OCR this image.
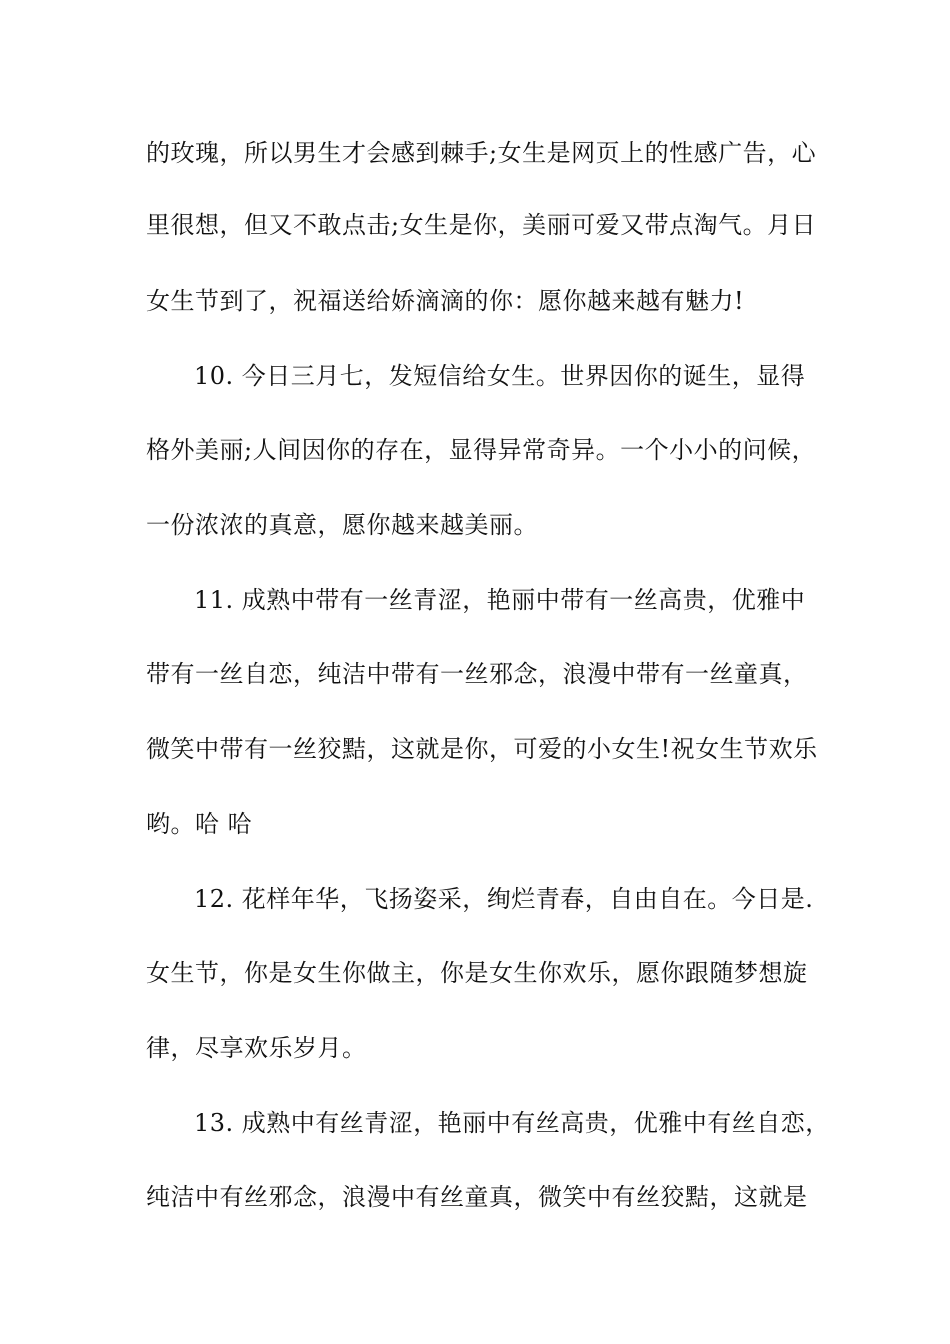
的玫瑰，所以男生才会感到棘手;女生是网页上的性感广告，心
里很想，但又不敢点击;女生是你，美丽可爱又带点淘气。月日
女生节到了，祝福送给娇滴滴的你：愿你越来越有魅力!
10. 今日三月七，发短信给女生。世界因你的诞生，显得
格外美丽;人间因你的存在，显得异常奇异。一个小小的问候，
一份浓浓的真意，愿你越来越美丽。
11. 成熟中带有一丝青涩，艳丽中带有一丝高贵，优雅中
带有一丝自恋，纯洁中带有一丝邪念，浪漫中带有一丝童真，
微笑中带有一丝狡黠，这就是你，可爱的小女生!祝女生节欢乐
哟。哈 哈
12. 花样年华，飞扬姿采，绚烂青春，自由自在。今日是.
女生节，你是女生你做主，你是女生你欢乐，愿你跟随梦想旋
律，尽享欢乐岁月。
13. 成熟中有丝青涩，艳丽中有丝高贵，优雅中有丝自恋，
纯洁中有丝邪念，浪漫中有丝童真，微笑中有丝狡黠，这就是
